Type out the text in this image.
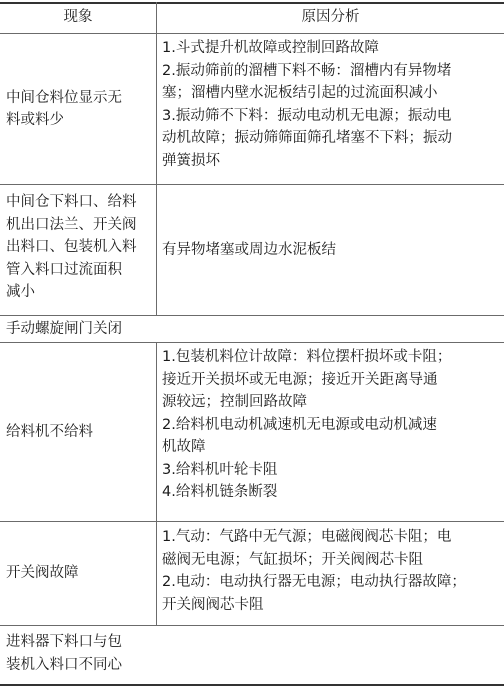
现象	原因分析
中间仓料位显示无
料或料少
1.斗式提升机故障或控制回路故障
2.振动筛前的溜槽下料不畅：溜槽内有异物堵
塞；溜槽内壁水泥板结引起的过流面积减小
3.振动筛不下料：振动电动机无电源；振动电
动机故障；振动筛筛面筛孔堵塞不下料；振动
弹簧损坏
中间仓下料口、给料
机出口法兰、开关阀
出料口、包装机入料
管入料口过流面积
减小
有异物堵塞或周边水泥板结
手动螺旋闸门关闭
给料机不给料
1.包装机料位计故障：料位摆杆损坏或卡阻；
接近开关损坏或无电源；接近开关距离导通
源较远；控制回路故障
2.给料机电动机减速机无电源或电动机减速
机故障
3.给料机叶轮卡阻
4.给料机链条断裂
开关阀故障
1.气动：气路中无气源；电磁阀阀芯卡阻；电
磁阀无电源；气缸损坏；开关阀阀芯卡阻
2.电动：电动执行器无电源；电动执行器故障；
开关阀阀芯卡阻
进料器下料口与包
装机入料口不同心
